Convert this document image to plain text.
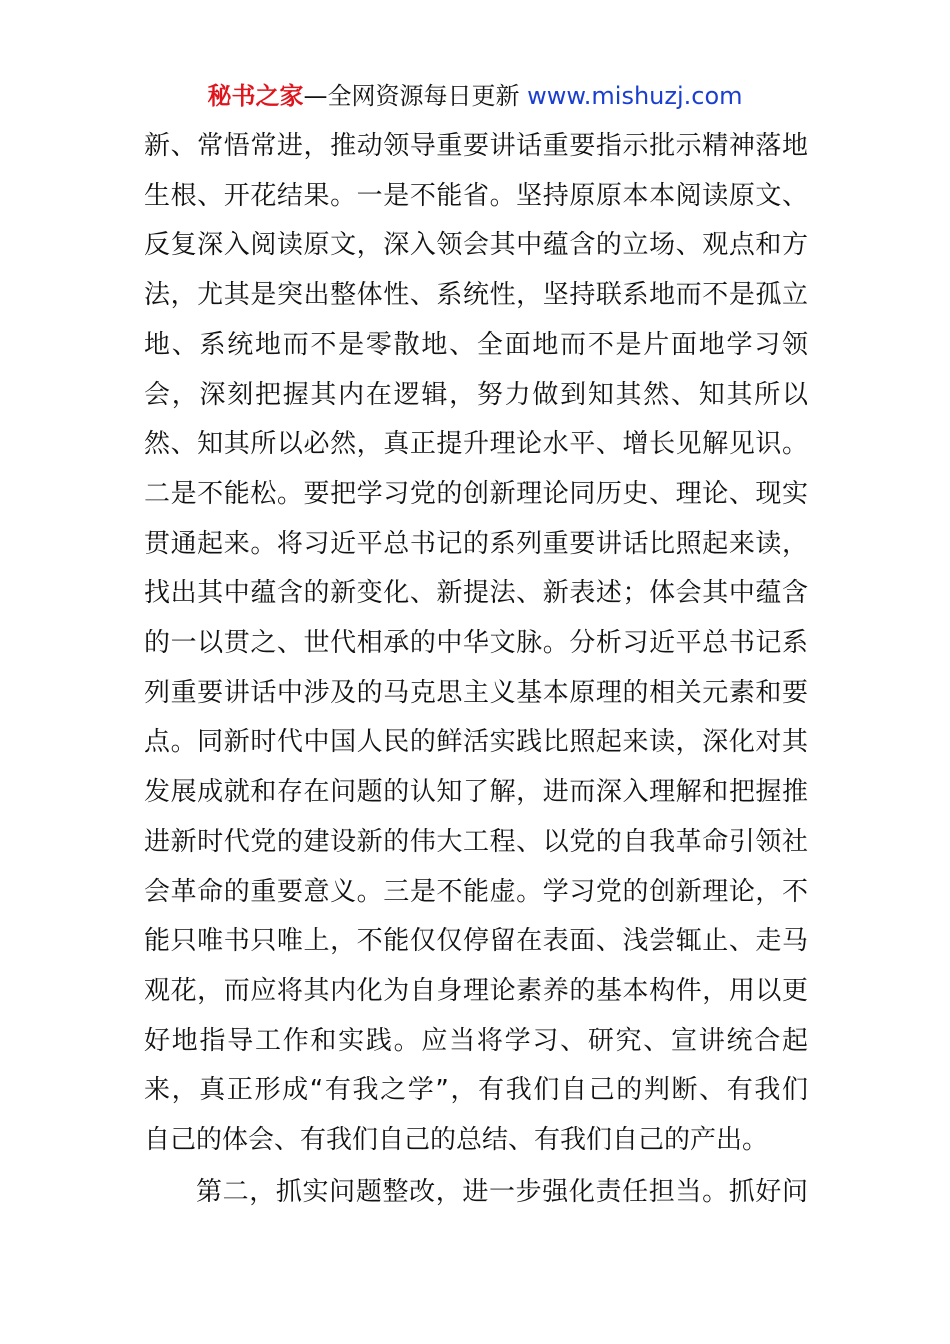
秘书之家—全网资源每日更新 www.mishuzj.com
新、常悟常进，推动领导重要讲话重要指示批示精神落地
生根、开花结果。一是不能省。坚持原原本本阅读原文、
反复深入阅读原文，深入领会其中蕴含的立场、观点和方
法，尤其是突出整体性、系统性，坚持联系地而不是孤立
地、系统地而不是零散地、全面地而不是片面地学习领
会，深刻把握其内在逻辑，努力做到知其然、知其所以
然、知其所以必然，真正提升理论水平、增长见解见识。
二是不能松。要把学习党的创新理论同历史、理论、现实
贯通起来。将习近平总书记的系列重要讲话比照起来读，
找出其中蕴含的新变化、新提法、新表述；体会其中蕴含
的一以贯之、世代相承的中华文脉。分析习近平总书记系
列重要讲话中涉及的马克思主义基本原理的相关元素和要
点。同新时代中国人民的鲜活实践比照起来读，深化对其
发展成就和存在问题的认知了解，进而深入理解和把握推
进新时代党的建设新的伟大工程、以党的自我革命引领社
会革命的重要意义。三是不能虚。学习党的创新理论，不
能只唯书只唯上，不能仅仅停留在表面、浅尝辄止、走马
观花，而应将其内化为自身理论素养的基本构件，用以更
好地指导工作和实践。应当将学习、研究、宣讲统合起
来，真正形成“有我之学”，有我们自己的判断、有我们
自己的体会、有我们自己的总结、有我们自己的产出。

第二，抓实问题整改，进一步强化责任担当。抓好问
